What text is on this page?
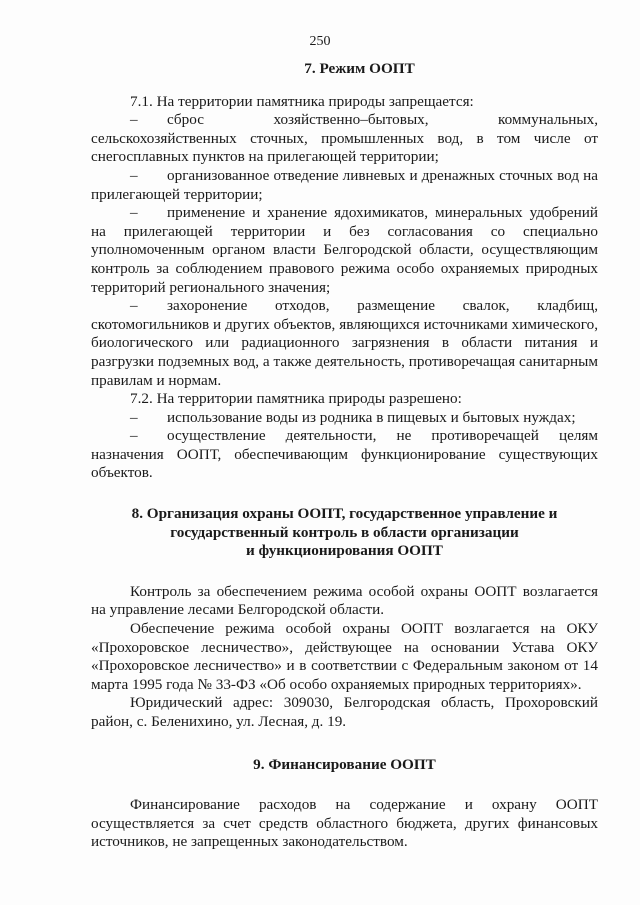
250

7. Режим ООПТ

7.1. На территории памятника природы запрещается:

– сброс хозяйственно–бытовых, коммунальных, сельскохозяйственных сточных, промышленных вод, в том числе от снегосплавных пунктов на прилегающей территории;

– организованное отведение ливневых и дренажных сточных вод на прилегающей территории;

– применение и хранение ядохимикатов, минеральных удобрений на прилегающей территории и без согласования со специально уполномоченным органом власти Белгородской области, осуществляющим контроль за соблюдением правового режима особо охраняемых природных территорий регионального значения;

– захоронение отходов, размещение свалок, кладбищ, скотомогильников и других объектов, являющихся источниками химического, биологического или радиационного загрязнения в области питания и разгрузки подземных вод, а также деятельность, противоречащая санитарным правилам и нормам.

7.2. На территории памятника природы разрешено:

– использование воды из родника в пищевых и бытовых нуждах;

– осуществление деятельности, не противоречащей целям назначения ООПТ, обеспечивающим функционирование существующих объектов.

8. Организация охраны ООПТ, государственное управление и

государственный контроль в области организации

и функционирования ООПТ

Контроль за обеспечением режима особой охраны ООПТ возлагается на управление лесами Белгородской области.

Обеспечение режима особой охраны ООПТ возлагается на ОКУ «Прохоровское лесничество», действующее на основании Устава ОКУ «Прохоровское лесничество» и в соответствии с Федеральным законом от 14 марта 1995 года № 33-ФЗ «Об особо охраняемых природных территориях».

Юридический адрес: 309030, Белгородская область, Прохоровский район, с. Беленихино, ул. Лесная, д. 19.

9. Финансирование ООПТ

Финансирование расходов на содержание и охрану ООПТ осуществляется за счет средств областного бюджета, других финансовых источников, не запрещенных законодательством.
